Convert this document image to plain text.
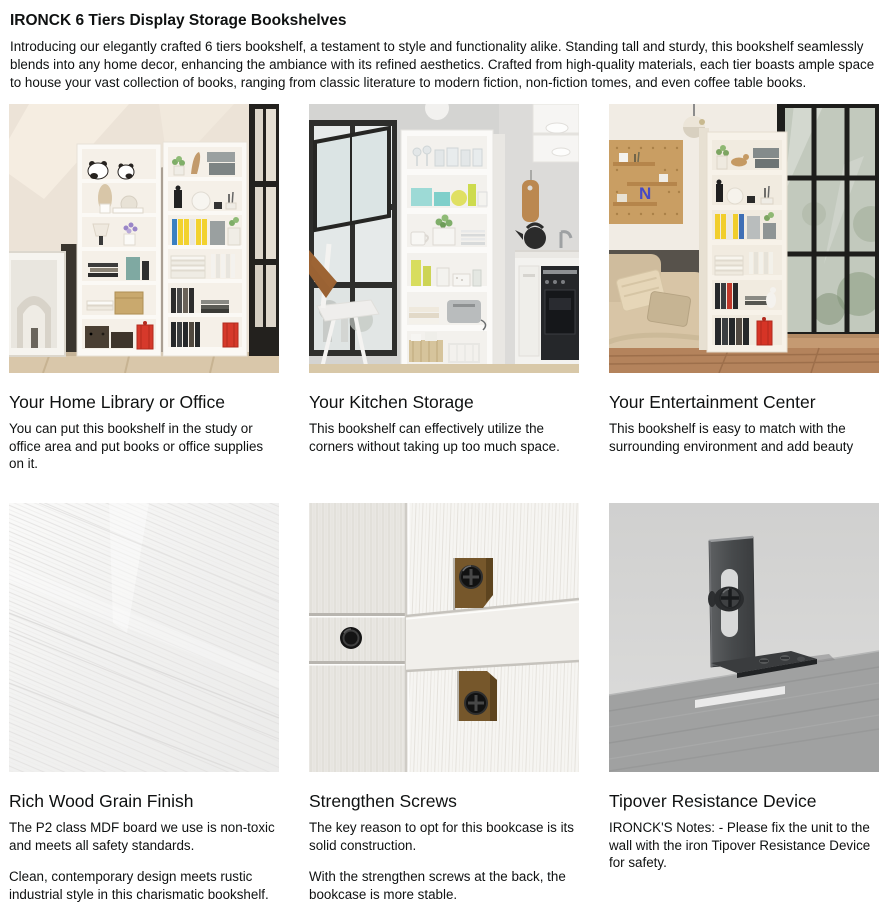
IRONCK 6 Tiers Display Storage Bookshelves

Introducing our elegantly crafted 6 tiers bookshelf, a testament to style and functionality alike. Standing tall and sturdy, this bookshelf seamlessly blends into any home decor, enhancing the ambiance with its refined aesthetics. Crafted from high-quality materials, each tier boasts ample space to house your vast collection of books, ranging from classic literature to modern fiction, non-fiction tomes, and even coffee table books.

Your Home Library or Office

You can put this bookshelf in the study or office area and put books or office supplies on it.

Your Kitchen Storage

This bookshelf can effectively utilize the corners without taking up too much space.

N
Your Entertainment Center

This bookshelf is easy to match with the surrounding environment and add beauty

Rich Wood Grain Finish

The P2 class MDF board we use is non-toxic and meets all safety standards.

Clean, contemporary design meets rustic industrial style in this charismatic bookshelf.

Strengthen Screws

The key reason to opt for this bookcase is its solid construction.

With the strengthen screws at the back, the bookcase is more stable.

Tipover Resistance Device

IRONCK'S Notes: - Please fix the unit to the wall with the iron Tipover Resistance Device for safety.
